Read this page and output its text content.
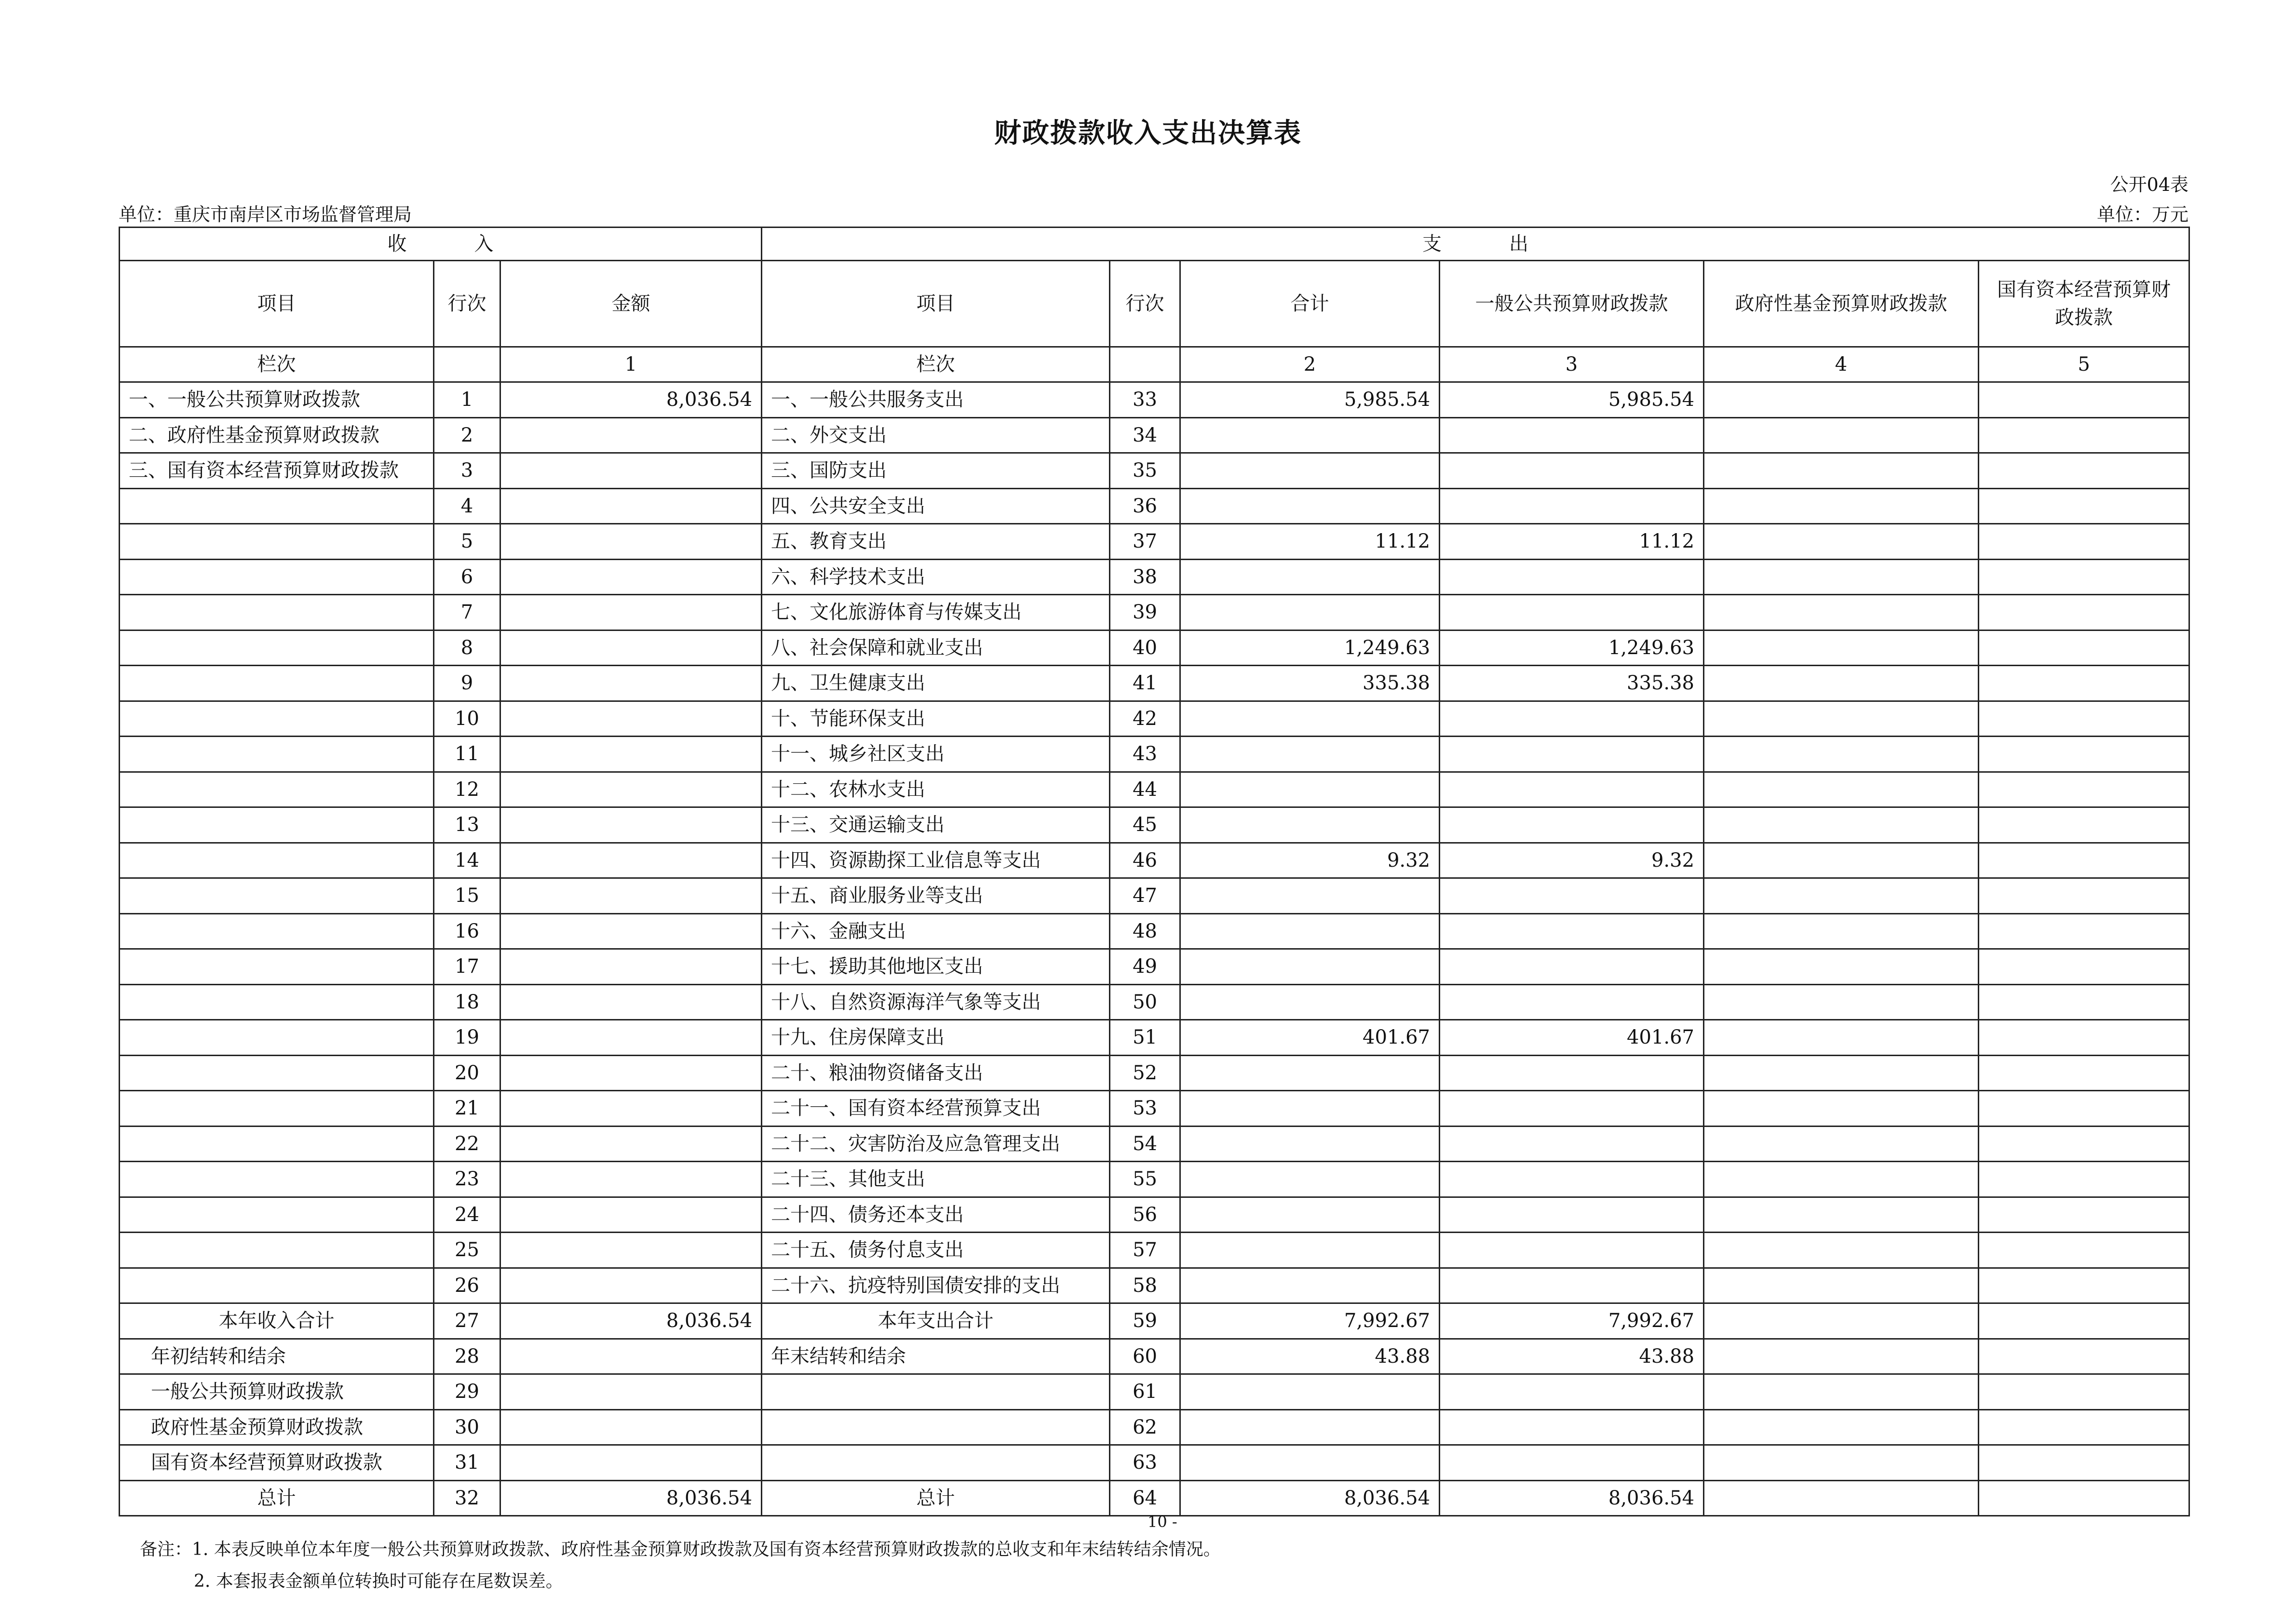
财政拨款收入支出决算表
公开04表
单位：重庆市南岸区市场监督管理局	单位：万元
收 入			支 出					
项目	行次	金额	项目	行次	合计	一般公共预算财政拨款	政府性基金预算财政拨款	国有资本经营预算财政拨款
栏次		1	栏次		2	3	4	5
一、一般公共预算财政拨款	1	8,036.54	一、一般公共服务支出	33	5,985.54	5,985.54		
二、政府性基金预算财政拨款	2		二、外交支出	34				
三、国有资本经营预算财政拨款	3		三、国防支出	35				
	4		四、公共安全支出	36				
	5		五、教育支出	37	11.12	11.12		
	6		六、科学技术支出	38				
	7		七、文化旅游体育与传媒支出	39				
	8		八、社会保障和就业支出	40	1,249.63	1,249.63		
	9		九、卫生健康支出	41	335.38	335.38		
	10		十、节能环保支出	42				
	11		十一、城乡社区支出	43				
	12		十二、农林水支出	44				
	13		十三、交通运输支出	45				
	14		十四、资源勘探工业信息等支出	46	9.32	9.32		
	15		十五、商业服务业等支出	47				
	16		十六、金融支出	48				
	17		十七、援助其他地区支出	49				
	18		十八、自然资源海洋气象等支出	50				
	19		十九、住房保障支出	51	401.67	401.67		
	20		二十、粮油物资储备支出	52				
	21		二十一、国有资本经营预算支出	53				
	22		二十二、灾害防治及应急管理支出	54				
	23		二十三、其他支出	55				
	24		二十四、债务还本支出	56				
	25		二十五、债务付息支出	57				
	26		二十六、抗疫特别国债安排的支出	58				
本年收入合计	27	8,036.54	本年支出合计	59	7,992.67	7,992.67		
年初结转和结余	28		年末结转和结余	60	43.88	43.88		
一般公共预算财政拨款	29			61				
政府性基金预算财政拨款	30			62				
国有资本经营预算财政拨款	31			63				
总计	32	8,036.54	总计	64	8,036.54	8,036.54		
10 -
备注：1. 本表反映单位本年度一般公共预算财政拨款、政府性基金预算财政拨款及国有资本经营预算财政拨款的总收支和年末结转结余情况。
2. 本套报表金额单位转换时可能存在尾数误差。
